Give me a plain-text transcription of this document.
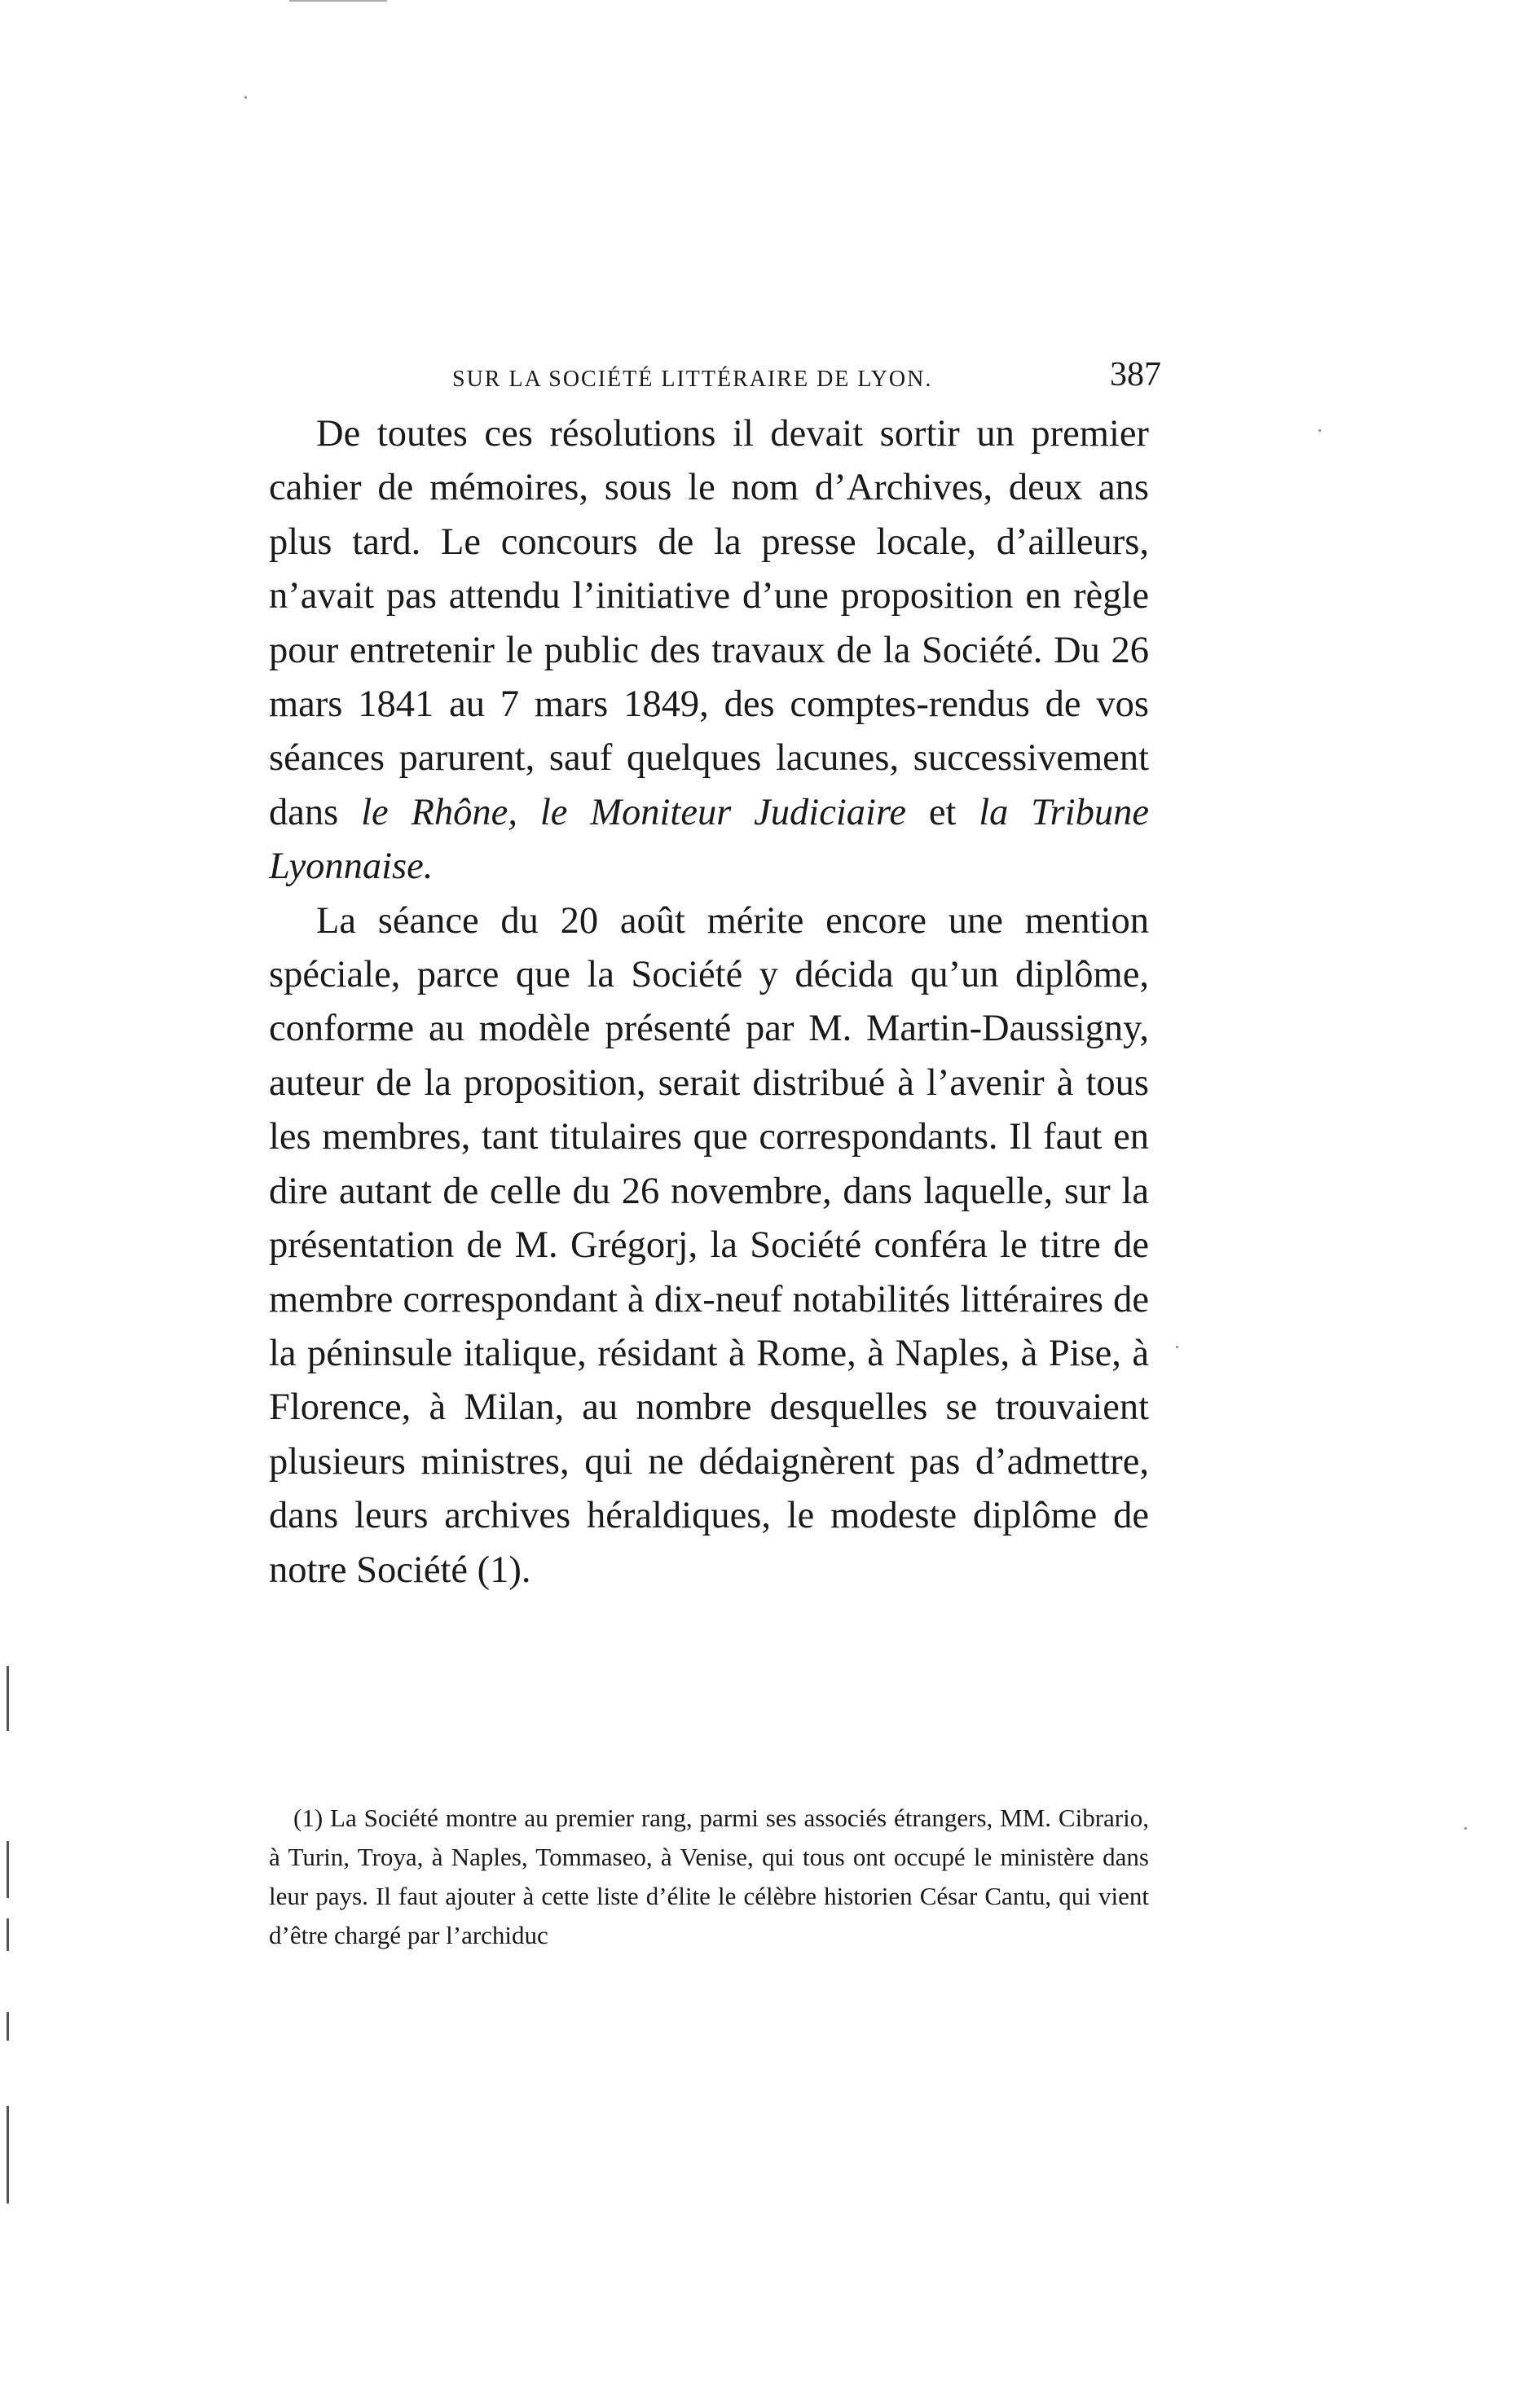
SUR LA SOCIÉTÉ LITTÉRAIRE DE LYON.	387

De toutes ces résolutions il devait sortir un premier cahier de mémoires, sous le nom d’Archives, deux ans plus tard. Le concours de la presse locale, d’ailleurs, n’avait pas attendu l’initiative d’une proposition en règle pour entretenir le public des travaux de la Société. Du 26 mars 1841 au 7 mars 1849, des comptes-rendus de vos séances parurent, sauf quelques lacunes, successivement dans le Rhône, le Moniteur Judiciaire et la Tribune Lyonnaise.

La séance du 20 août mérite encore une mention spéciale, parce que la Société y décida qu’un diplôme, conforme au modèle présenté par M. Martin-Daussigny, auteur de la proposition, serait distribué à l’avenir à tous les membres, tant titulaires que correspondants. Il faut en dire autant de celle du 26 novembre, dans laquelle, sur la présentation de M. Grégorj, la Société conféra le titre de membre correspondant à dix-neuf notabilités littéraires de la péninsule italique, résidant à Rome, à Naples, à Pise, à Florence, à Milan, au nombre desquelles se trouvaient plusieurs ministres, qui ne dédaignèrent pas d’admettre, dans leurs archives héraldiques, le modeste diplôme de notre Société (1).

(1) La Société montre au premier rang, parmi ses associés étrangers, MM. Cibrario, à Turin, Troya, à Naples, Tommaseo, à Venise, qui tous ont occupé le ministère dans leur pays. Il faut ajouter à cette liste d’élite le célèbre historien César Cantu, qui vient d’être chargé par l’archiduc
